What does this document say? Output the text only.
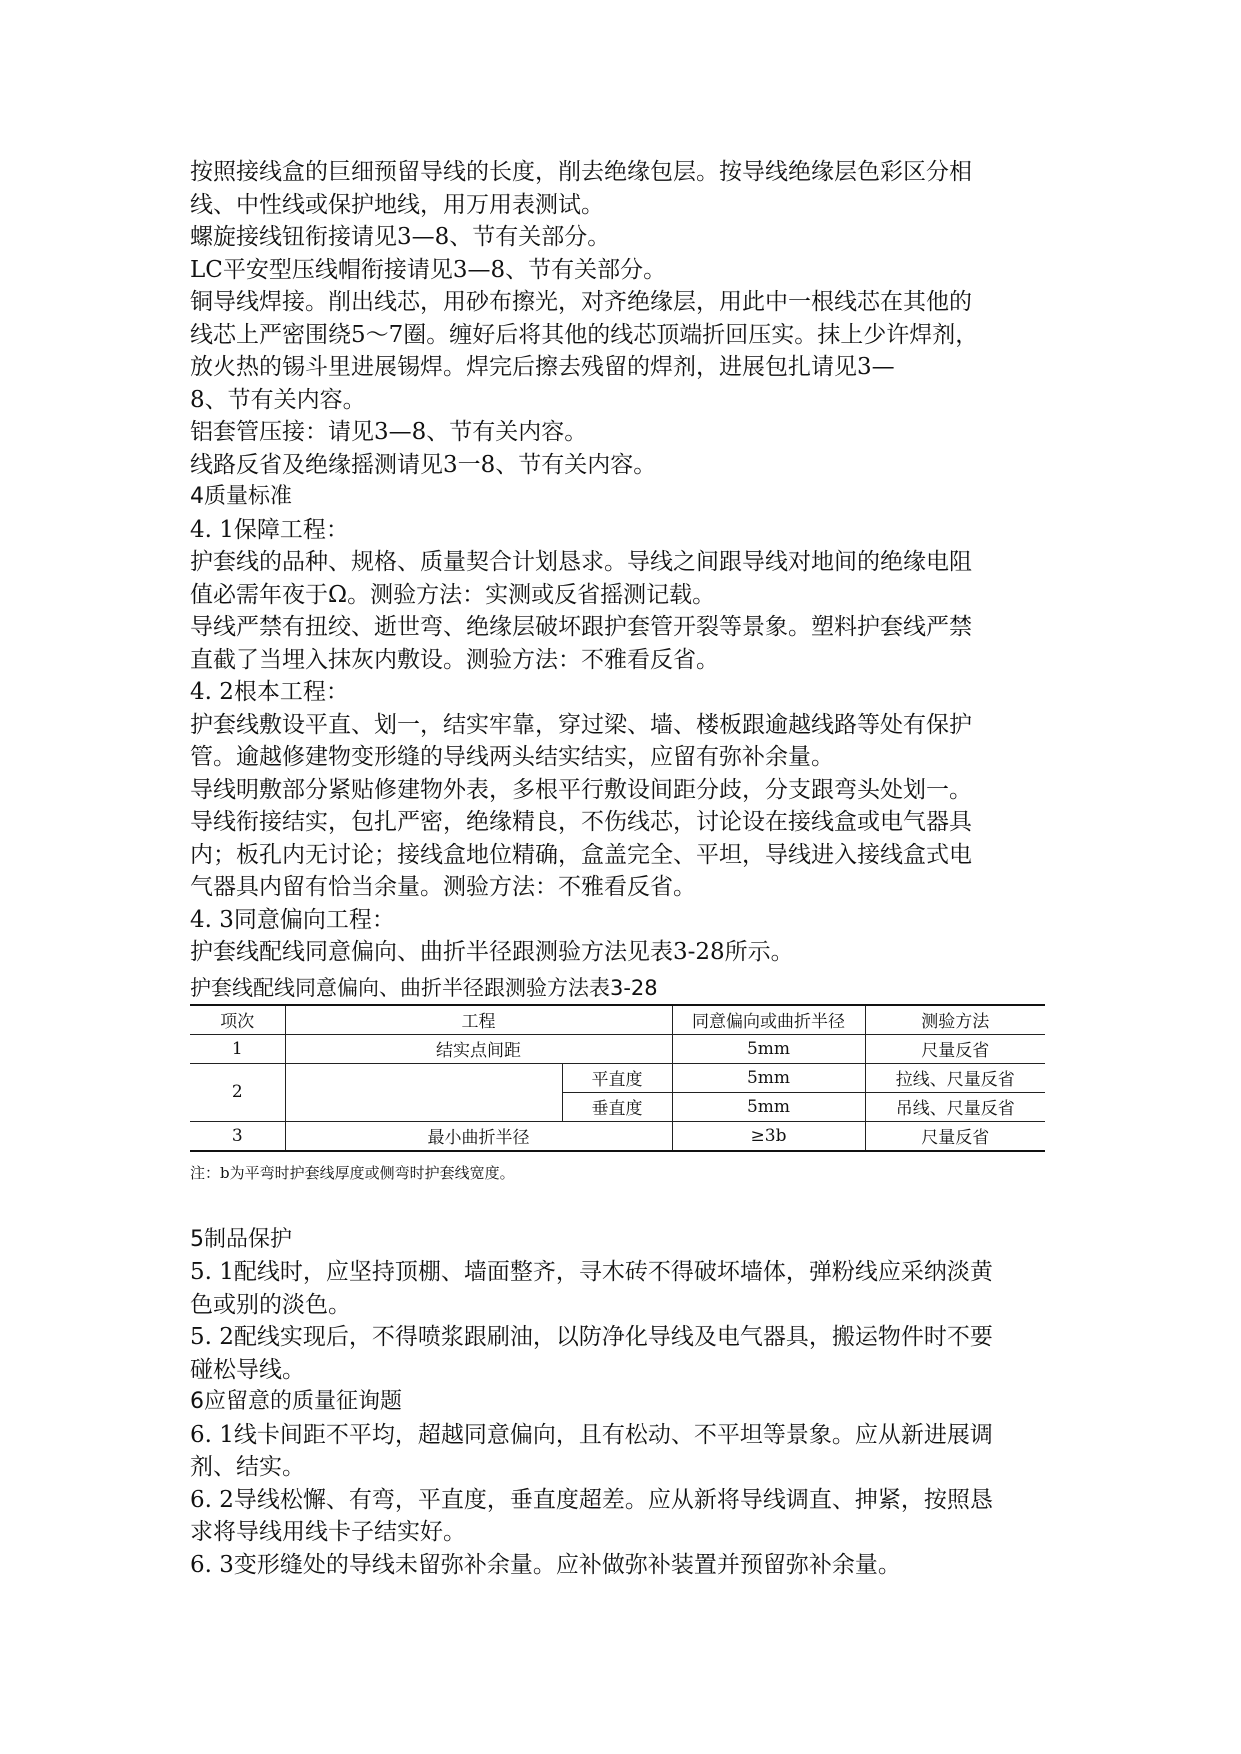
按照接线盒的巨细预留导线的长度，削去绝缘包层。按导线绝缘层色彩区分相
线、中性线或保护地线，用万用表测试。
螺旋接线钮衔接请见3—8、节有关部分。
LC平安型压线帽衔接请见3—8、节有关部分。
铜导线焊接。削出线芯，用砂布擦光，对齐绝缘层，用此中一根线芯在其他的
线芯上严密围绕5～7圈。缠好后将其他的线芯顶端折回压实。抹上少许焊剂，
放火热的锡斗里进展锡焊。焊完后擦去残留的焊剂，进展包扎请见3—
8、节有关内容。
铝套管压接：请见3—8、节有关内容。
线路反省及绝缘摇测请见3一8、节有关内容。
4质量标准
4. 1保障工程：
护套线的品种、规格、质量契合计划恳求。导线之间跟导线对地间的绝缘电阻
值必需年夜于Ω。测验方法：实测或反省摇测记载。
导线严禁有扭绞、逝世弯、绝缘层破坏跟护套管开裂等景象。塑料护套线严禁
直截了当埋入抹灰内敷设。测验方法：不雅看反省。
4. 2根本工程：
护套线敷设平直、划一，结实牢靠，穿过梁、墙、楼板跟逾越线路等处有保护
管。逾越修建物变形缝的导线两头结实结实，应留有弥补余量。
导线明敷部分紧贴修建物外表，多根平行敷设间距分歧，分支跟弯头处划一。
导线衔接结实，包扎严密，绝缘精良，不伤线芯，讨论设在接线盒或电气器具
内；板孔内无讨论；接线盒地位精确，盒盖完全、平坦，导线进入接线盒式电
气器具内留有恰当余量。测验方法：不雅看反省。
4. 3同意偏向工程：
护套线配线同意偏向、曲折半径跟测验方法见表3-28所示。
护套线配线同意偏向、曲折半径跟测验方法表3-28
项次	工程		同意偏向或曲折半径	测验方法
1	结实点间距		5mm	尺量反省
2		平直度	5mm	拉线、尺量反省
		垂直度	5mm	吊线、尺量反省
3	最小曲折半径		≥3b	尺量反省
注：b为平弯时护套线厚度或侧弯时护套线宽度。
5制品保护
5. 1配线时，应坚持顶棚、墙面整齐，寻木砖不得破坏墙体，弹粉线应采纳淡黄
色或别的淡色。
5. 2配线实现后，不得喷浆跟刷油，以防净化导线及电气器具，搬运物件时不要
碰松导线。
6应留意的质量征询题
6. 1线卡间距不平均，超越同意偏向，且有松动、不平坦等景象。应从新进展调
剂、结实。
6. 2导线松懈、有弯，平直度，垂直度超差。应从新将导线调直、抻紧，按照恳
求将导线用线卡子结实好。
6. 3变形缝处的导线未留弥补余量。应补做弥补装置并预留弥补余量。
